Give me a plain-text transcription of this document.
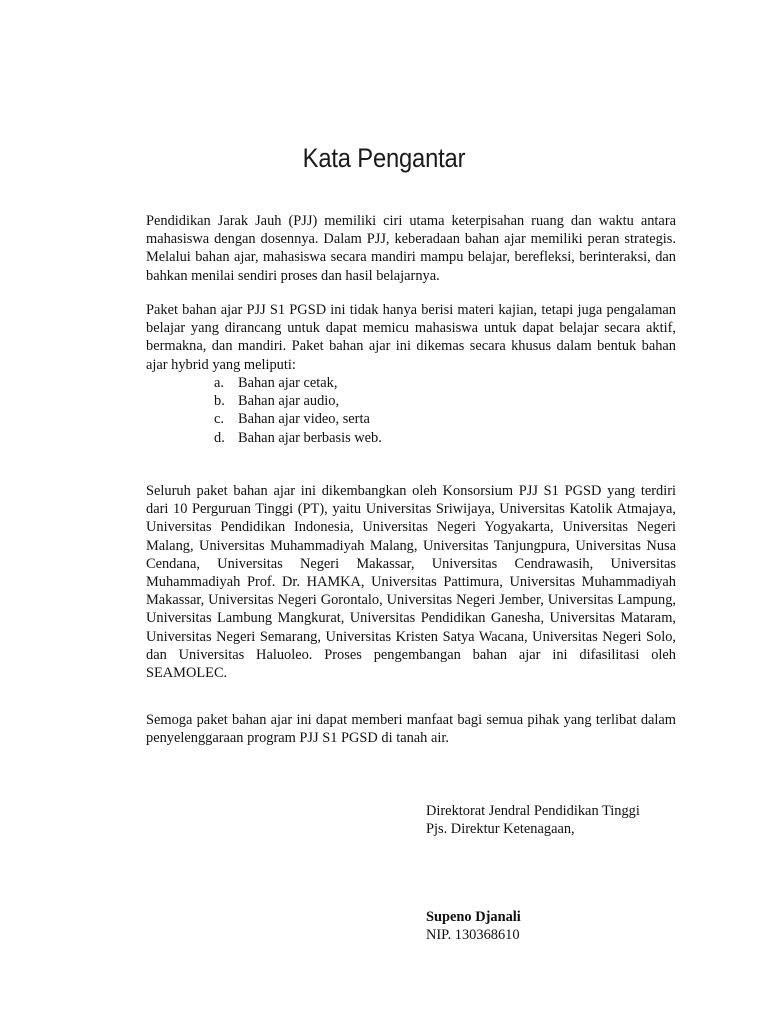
Kata Pengantar

Pendidikan Jarak Jauh (PJJ) memiliki ciri utama keterpisahan ruang dan waktu antara mahasiswa dengan dosennya. Dalam PJJ, keberadaan bahan ajar memiliki peran strategis. Melalui bahan ajar, mahasiswa secara mandiri mampu belajar, berefleksi, berinteraksi, dan bahkan menilai sendiri proses dan hasil belajarnya.

Paket bahan ajar PJJ S1 PGSD ini tidak hanya berisi materi kajian, tetapi juga pengalaman belajar yang dirancang untuk dapat memicu mahasiswa untuk dapat belajar secara aktif, bermakna, dan mandiri. Paket bahan ajar ini dikemas secara khusus dalam bentuk bahan ajar hybrid yang meliputi:

a. Bahan ajar cetak,
b. Bahan ajar audio,
c. Bahan ajar video, serta
d. Bahan ajar berbasis web.

Seluruh paket bahan ajar ini dikembangkan oleh Konsorsium PJJ S1 PGSD yang terdiri dari 10 Perguruan Tinggi (PT), yaitu Universitas Sriwijaya, Universitas Katolik Atmajaya, Universitas Pendidikan Indonesia, Universitas Negeri Yogyakarta, Universitas Negeri Malang, Universitas Muhammadiyah Malang, Universitas Tanjungpura, Universitas Nusa Cendana, Universitas Negeri Makassar, Universitas Cendrawasih, Universitas Muhammadiyah Prof. Dr. HAMKA, Universitas Pattimura, Universitas Muhammadiyah Makassar, Universitas Negeri Gorontalo, Universitas Negeri Jember, Universitas Lampung, Universitas Lambung Mangkurat, Universitas Pendidikan Ganesha, Universitas Mataram, Universitas Negeri Semarang, Universitas Kristen Satya Wacana, Universitas Negeri Solo, dan Universitas Haluoleo. Proses pengembangan bahan ajar ini difasilitasi oleh SEAMOLEC.

Semoga paket bahan ajar ini dapat memberi manfaat bagi semua pihak yang terlibat dalam penyelenggaraan program PJJ S1 PGSD di tanah air.

Direktorat Jendral Pendidikan Tinggi
Pjs. Direktur Ketenagaan,
Supeno Djanali
NIP. 130368610
